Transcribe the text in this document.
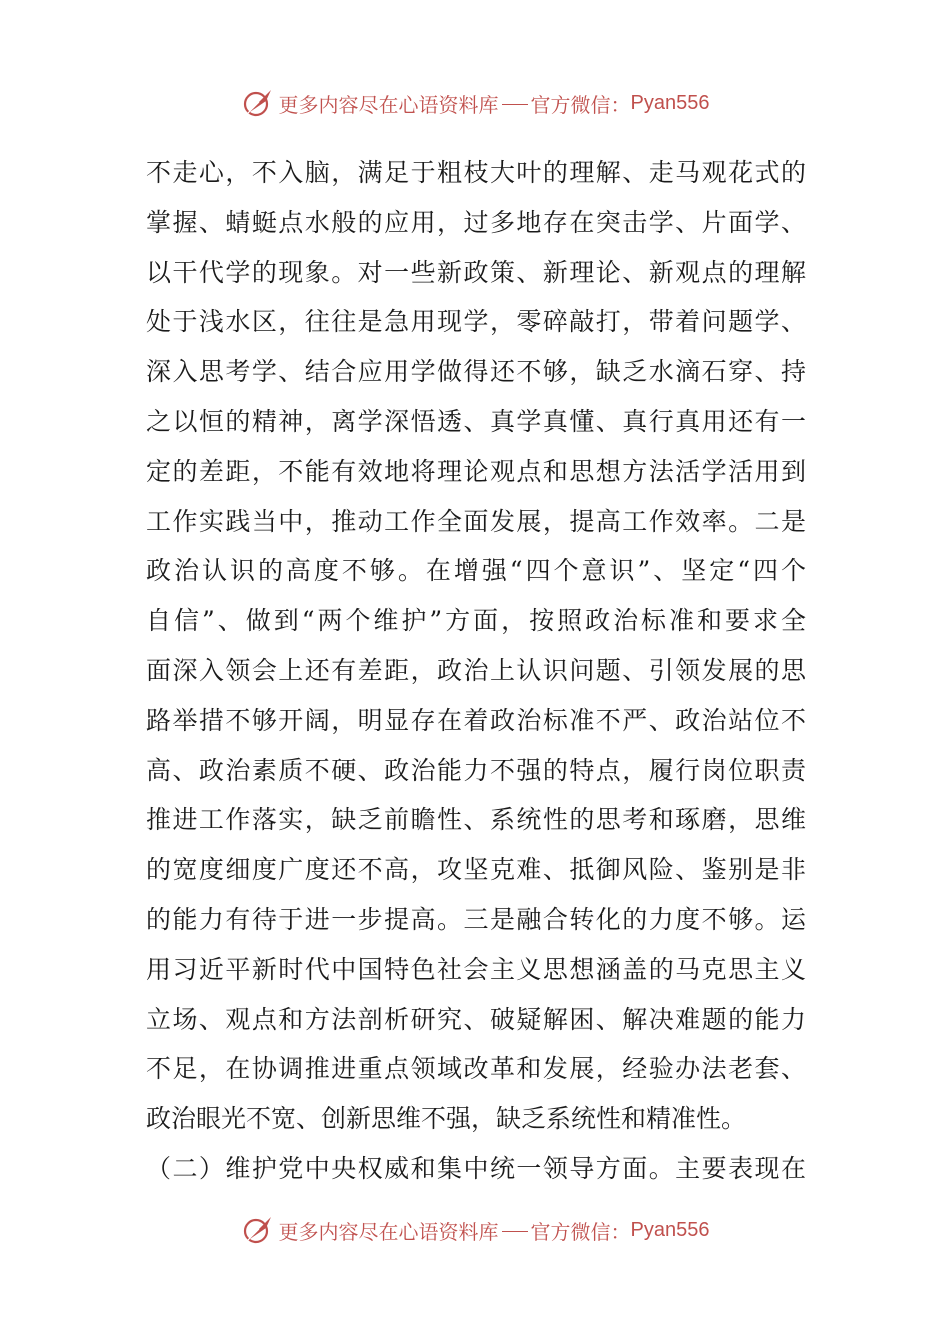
更多内容尽在心语资料库 官方微信： Pyan556
不走心，不入脑，满足于粗枝大叶的理解、走马观花式的
掌握、蜻蜓点水般的应用，过多地存在突击学、片面学、
以干代学的现象。对一些新政策、新理论、新观点的理解
处于浅水区，往往是急用现学，零碎敲打，带着问题学、
深入思考学、结合应用学做得还不够，缺乏水滴石穿、持
之以恒的精神，离学深悟透、真学真懂、真行真用还有一
定的差距，不能有效地将理论观点和思想方法活学活用到
工作实践当中，推动工作全面发展，提高工作效率。二是
政治认识的高度不够。在增强“四个意识”、坚定“四个
自信”、做到“两个维护”方面，按照政治标准和要求全
面深入领会上还有差距，政治上认识问题、引领发展的思
路举措不够开阔，明显存在着政治标准不严、政治站位不
高、政治素质不硬、政治能力不强的特点，履行岗位职责
推进工作落实，缺乏前瞻性、系统性的思考和琢磨，思维
的宽度细度广度还不高，攻坚克难、抵御风险、鉴别是非
的能力有待于进一步提高。三是融合转化的力度不够。运
用习近平新时代中国特色社会主义思想涵盖的马克思主义
立场、观点和方法剖析研究、破疑解困、解决难题的能力
不足，在协调推进重点领域改革和发展，经验办法老套、
政治眼光不宽、创新思维不强，缺乏系统性和精准性。
（二）维护党中央权威和集中统一领导方面。主要表现在
更多内容尽在心语资料库 官方微信： Pyan556
